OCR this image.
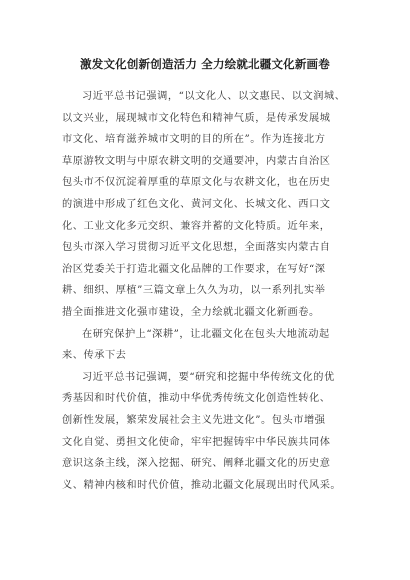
激发文化创新创造活力 全力绘就北疆文化新画卷
习近平总书记强调，“以文化人、以文惠民、以文润城、
以文兴业，展现城市文化特色和精神气质，是传承发展城
市文化、培育滋养城市文明的目的所在”。作为连接北方
草原游牧文明与中原农耕文明的交通要冲，内蒙古自治区
包头市不仅沉淀着厚重的草原文化与农耕文化，也在历史
的演进中形成了红色文化、黄河文化、长城文化、西口文
化、工业文化多元交织、兼容并蓄的文化特质。近年来，
包头市深入学习贯彻习近平文化思想，全面落实内蒙古自
治区党委关于打造北疆文化品牌的工作要求，在写好“深
耕、细织、厚植”三篇文章上久久为功，以一系列扎实举
措全面推进文化强市建设，全力绘就北疆文化新画卷。
在研究保护上“深耕”，让北疆文化在包头大地流动起
来、传承下去
习近平总书记强调，要“研究和挖掘中华传统文化的优
秀基因和时代价值，推动中华优秀传统文化创造性转化、
创新性发展，繁荣发展社会主义先进文化”。包头市增强
文化自觉、勇担文化使命，牢牢把握铸牢中华民族共同体
意识这条主线，深入挖掘、研究、阐释北疆文化的历史意
义、精神内核和时代价值，推动北疆文化展现出时代风采。
